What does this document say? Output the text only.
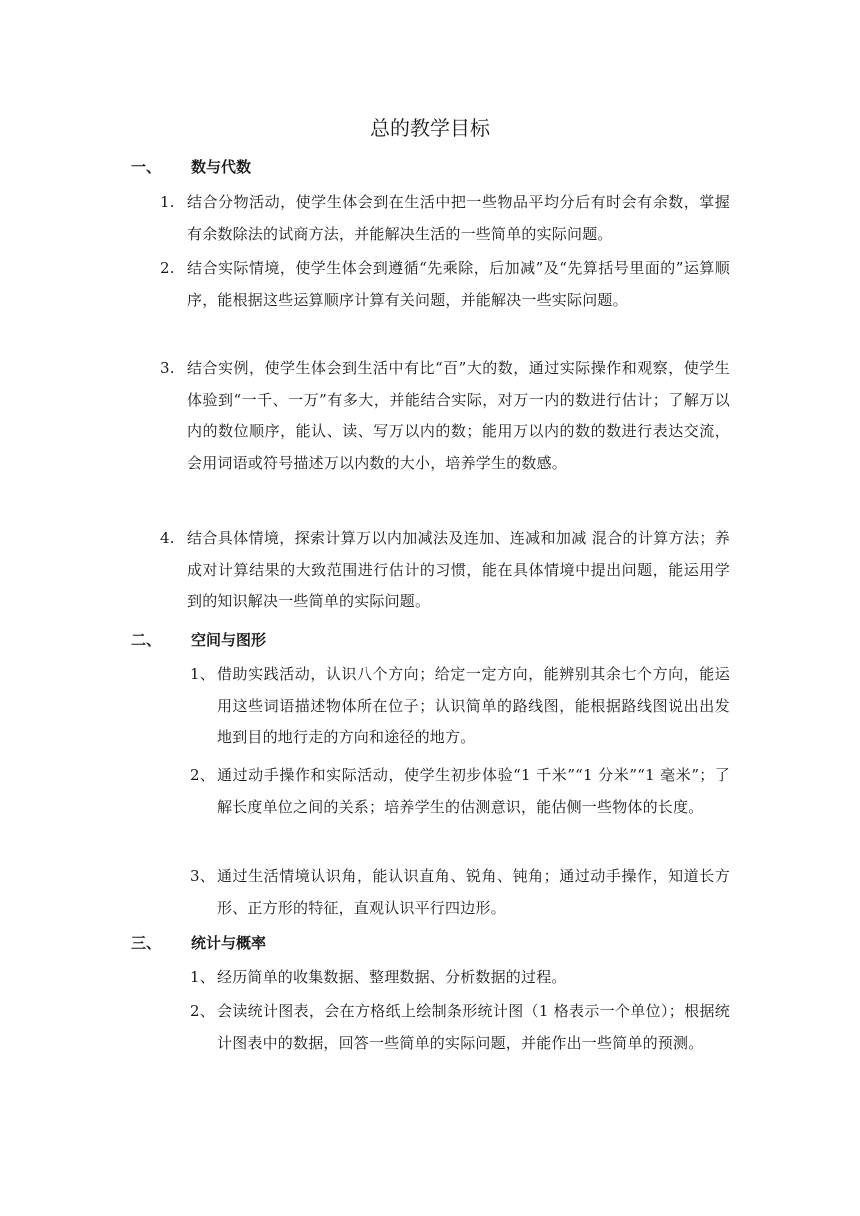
总的教学目标
一、 数与代数
1. 结合分物活动，使学生体会到在生活中把一些物品平均分后有时会有余数，掌握有余数除法的试商方法，并能解决生活的一些简单的实际问题。
2. 结合实际情境，使学生体会到遵循“先乘除，后加减”及“先算括号里面的”运算顺序，能根据这些运算顺序计算有关问题，并能解决一些实际问题。
3. 结合实例，使学生体会到生活中有比“百”大的数，通过实际操作和观察，使学生体验到“一千、一万”有多大，并能结合实际，对万一内的数进行估计；了解万以内的数位顺序，能认、读、写万以内的数；能用万以内的数的数进行表达交流，会用词语或符号描述万以内数的大小，培养学生的数感。
4. 结合具体情境，探索计算万以内加减法及连加、连减和加减 混合的计算方法；养成对计算结果的大致范围进行估计的习惯，能在具体情境中提出问题，能运用学到的知识解决一些简单的实际问题。
二、 空间与图形
1、 借助实践活动，认识八个方向；给定一定方向，能辨别其余七个方向，能运用这些词语描述物体所在位子；认识简单的路线图，能根据路线图说出出发地到目的地行走的方向和途径的地方。
2、 通过动手操作和实际活动，使学生初步体验“1 千米”“1 分米”“1 毫米”；了解长度单位之间的关系；培养学生的估测意识，能估侧一些物体的长度。
3、 通过生活情境认识角，能认识直角、锐角、钝角；通过动手操作，知道长方形、正方形的特征，直观认识平行四边形。
三、 统计与概率
1、 经历简单的收集数据、整理数据、分析数据的过程。
2、 会读统计图表，会在方格纸上绘制条形统计图（1 格表示一个单位）；根据统计图表中的数据，回答一些简单的实际问题，并能作出一些简单的预测。
